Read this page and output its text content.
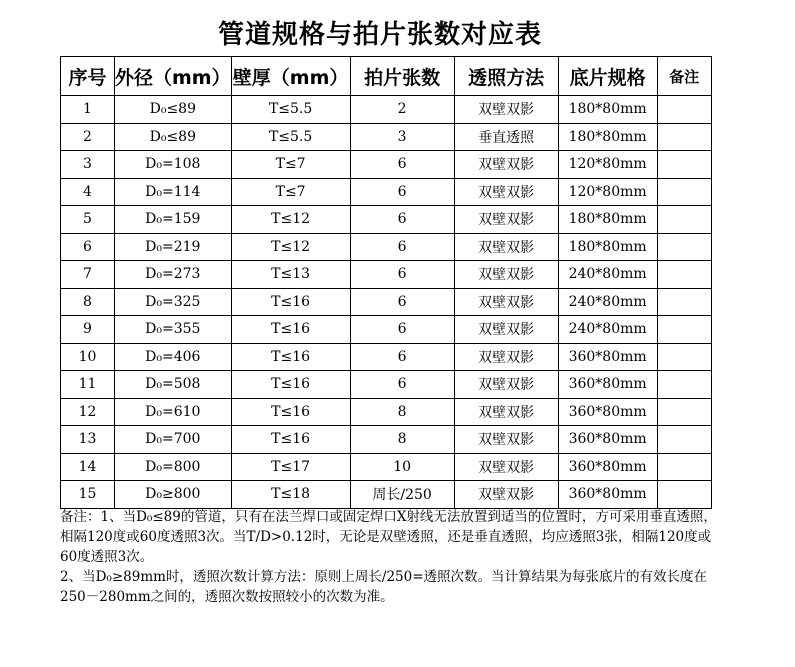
管道规格与拍片张数对应表
序号	外径（mm）	壁厚（mm）	拍片张数	透照方法	底片规格	备注
1	D₀≤89	T≤5.5	2	双壁双影	180*80mm	
2	D₀≤89	T≤5.5	3	垂直透照	180*80mm	
3	D₀=108	T≤7	6	双壁双影	120*80mm	
4	D₀=114	T≤7	6	双壁双影	120*80mm	
5	D₀=159	T≤12	6	双壁双影	180*80mm	
6	D₀=219	T≤12	6	双壁双影	180*80mm	
7	D₀=273	T≤13	6	双壁双影	240*80mm	
8	D₀=325	T≤16	6	双壁双影	240*80mm	
9	D₀=355	T≤16	6	双壁双影	240*80mm	
10	D₀=406	T≤16	6	双壁双影	360*80mm	
11	D₀=508	T≤16	6	双壁双影	360*80mm	
12	D₀=610	T≤16	8	双壁双影	360*80mm	
13	D₀=700	T≤16	8	双壁双影	360*80mm	
14	D₀=800	T≤17	10	双壁双影	360*80mm	
15	D₀≥800	T≤18	周长/250	双壁双影	360*80mm	

备注：1、当D₀≤89的管道，只有在法兰焊口或固定焊口X射线无法放置到适当的位置时，方可采用垂直透照，相隔120度或60度透照3次。当T/D>0.12时，无论是双壁透照，还是垂直透照，均应透照3张，相隔120度或60度透照3次。

2、当D₀≥89mm时，透照次数计算方法：原则上周长/250=透照次数。当计算结果为每张底片的有效长度在250－280mm之间的，透照次数按照较小的次数为准。
